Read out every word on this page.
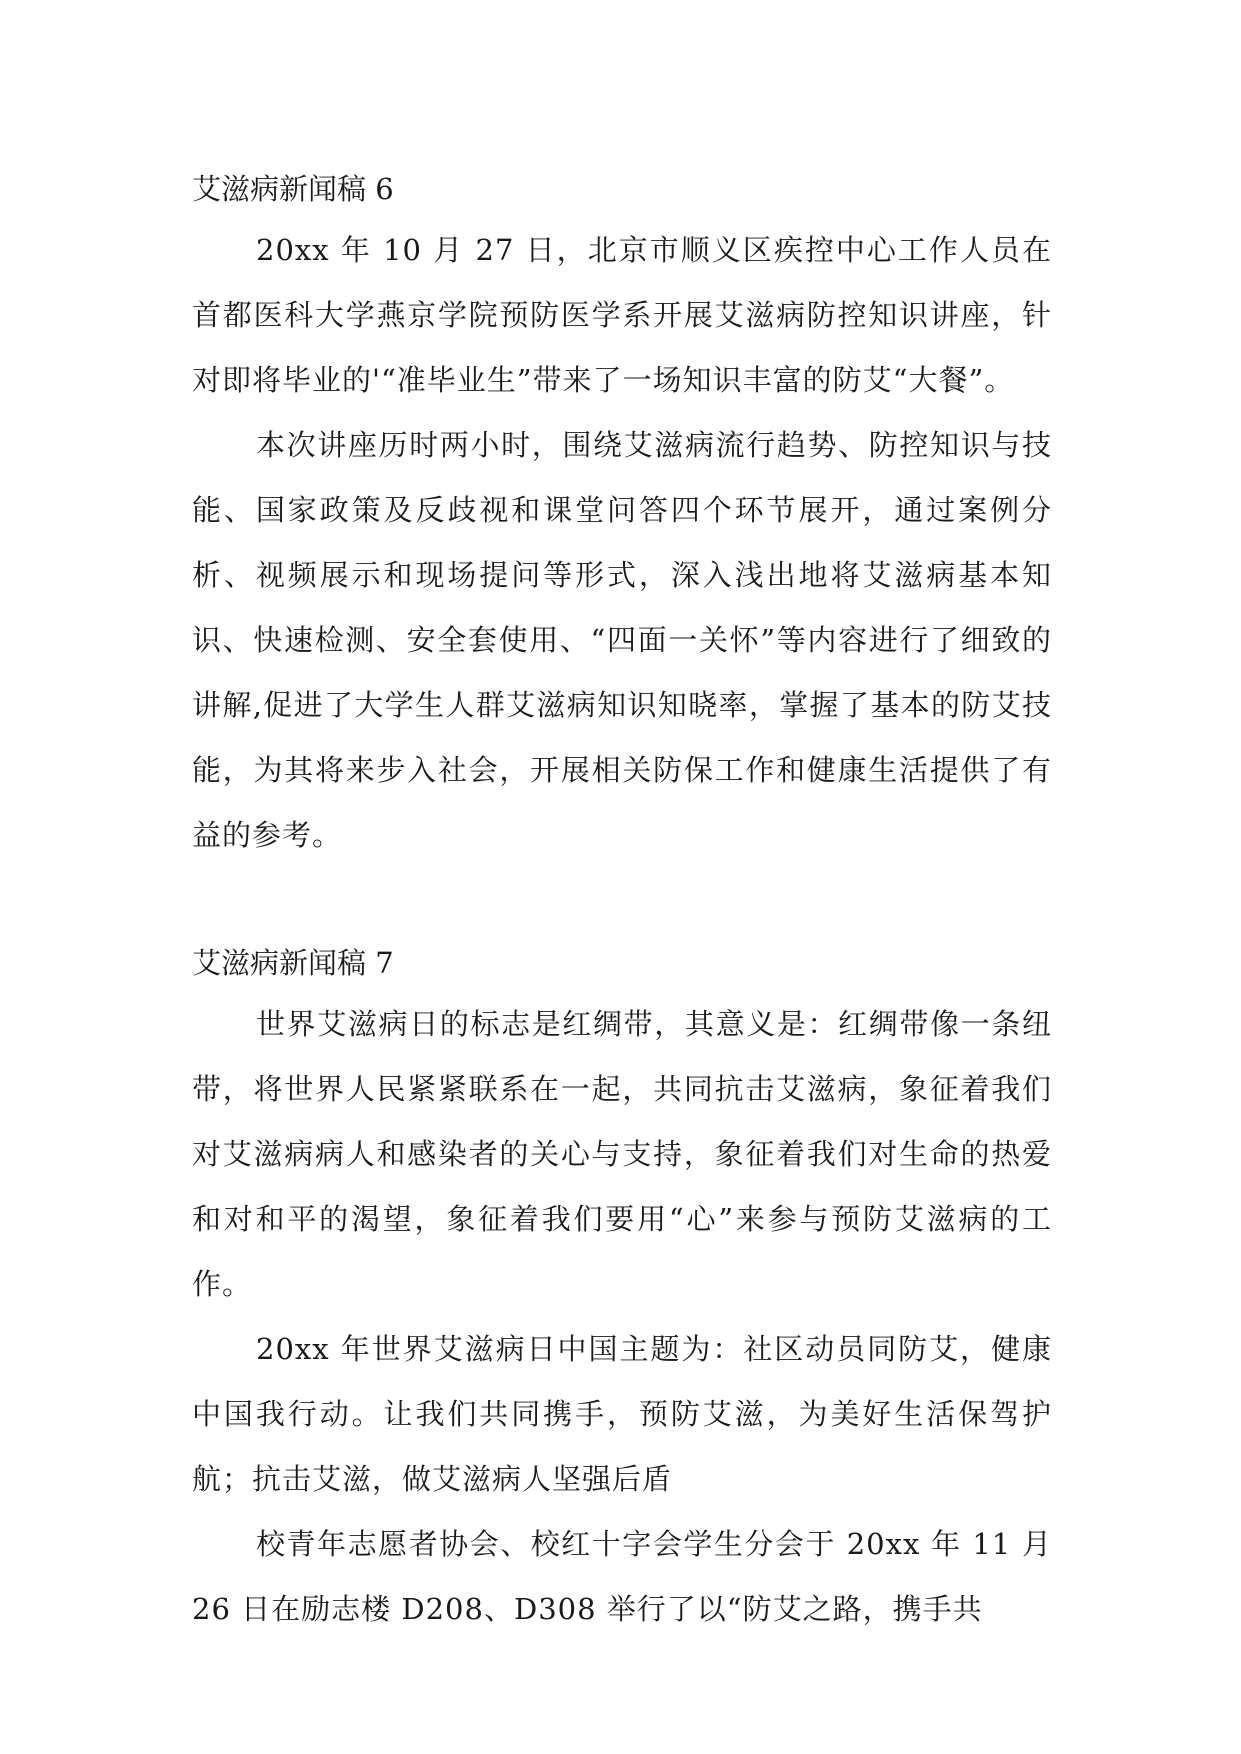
艾滋病新闻稿 6

20xx 年 10 月 27 日，北京市顺义区疾控中心工作人员在首都医科大学燕京学院预防医学系开展艾滋病防控知识讲座，针对即将毕业的'“准毕业生”带来了一场知识丰富的防艾“大餐”。

本次讲座历时两小时，围绕艾滋病流行趋势、防控知识与技能、国家政策及反歧视和课堂问答四个环节展开，通过案例分析、视频展示和现场提问等形式，深入浅出地将艾滋病基本知识、快速检测、安全套使用、“四面一关怀”等内容进行了细致的讲解,促进了大学生人群艾滋病知识知晓率，掌握了基本的防艾技能，为其将来步入社会，开展相关防保工作和健康生活提供了有益的参考。

艾滋病新闻稿 7

世界艾滋病日的标志是红绸带，其意义是：红绸带像一条纽带，将世界人民紧紧联系在一起，共同抗击艾滋病，象征着我们对艾滋病病人和感染者的关心与支持，象征着我们对生命的热爱和对和平的渴望，象征着我们要用“心”来参与预防艾滋病的工作。

20xx 年世界艾滋病日中国主题为：社区动员同防艾，健康中国我行动。让我们共同携手，预防艾滋，为美好生活保驾护航；抗击艾滋，做艾滋病人坚强后盾

校青年志愿者协会、校红十字会学生分会于 20xx 年 11 月 26 日在励志楼 D208、D308 举行了以“防艾之路，携手共
